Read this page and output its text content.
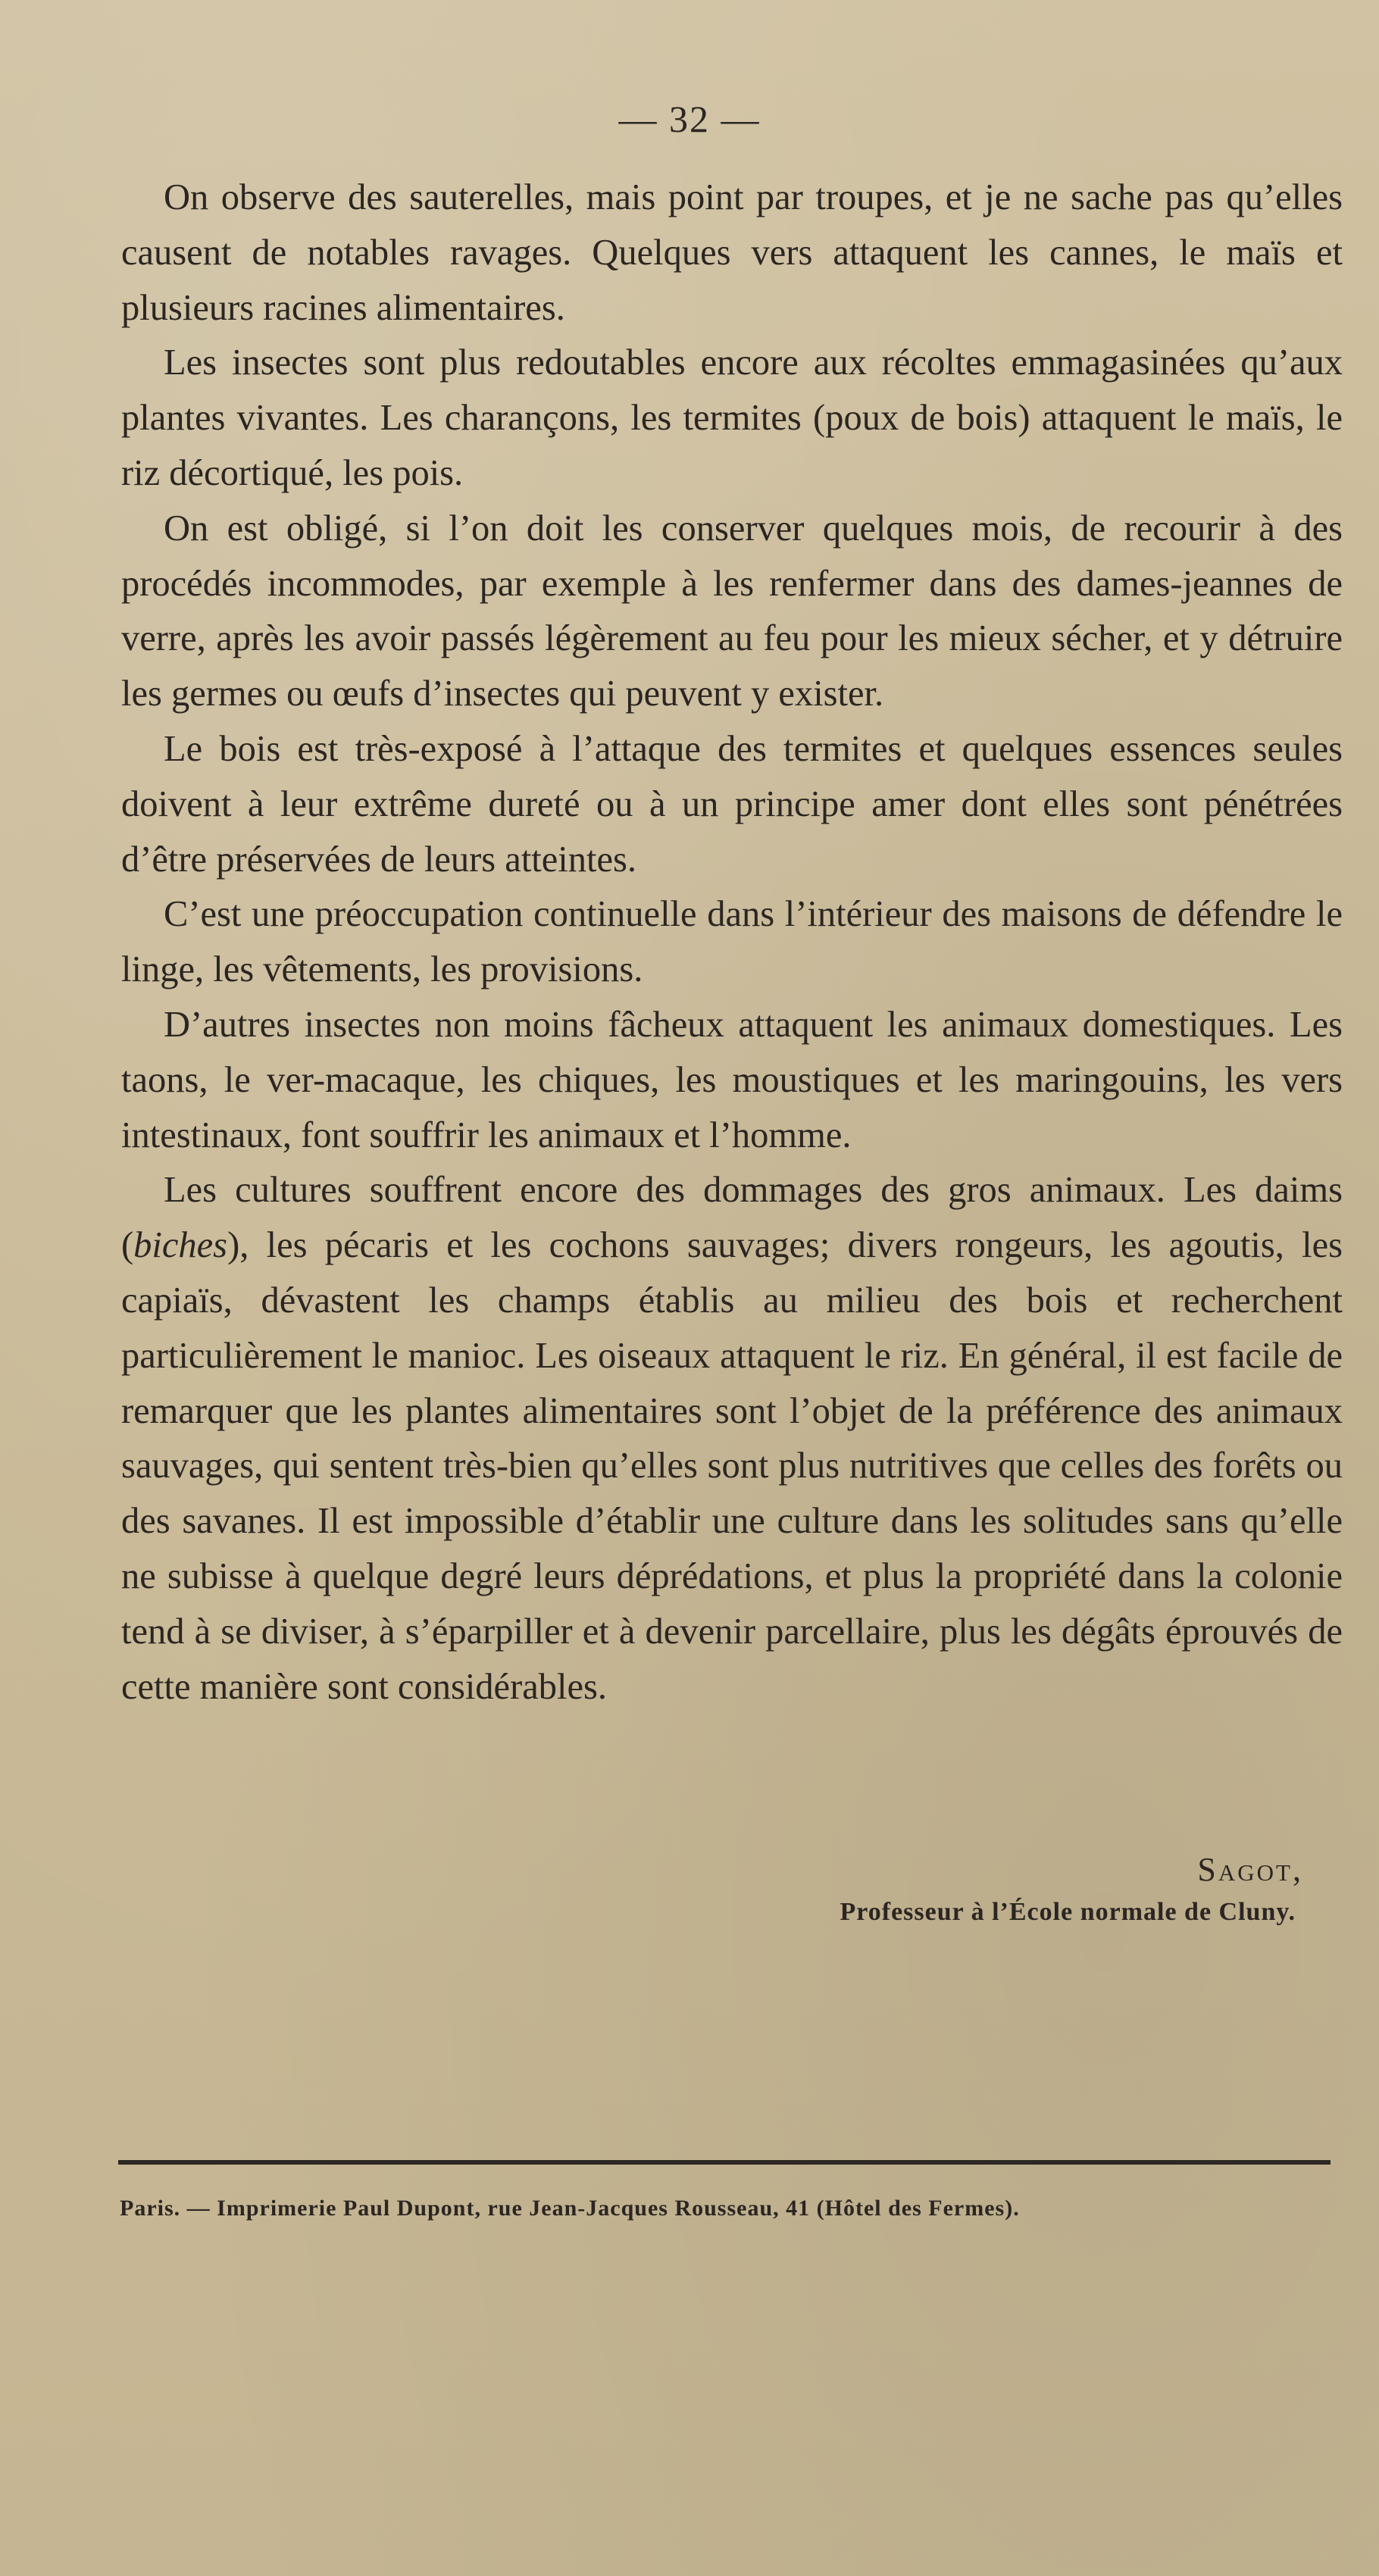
— 32 —

On observe des sauterelles, mais point par troupes, et je ne sache pas qu’elles causent de notables ravages. Quelques vers attaquent les cannes, le maïs et plusieurs racines alimentaires.

Les insectes sont plus redoutables encore aux récoltes emmagasinées qu’aux plantes vivantes. Les charançons, les termites (poux de bois) attaquent le maïs, le riz décortiqué, les pois.

On est obligé, si l’on doit les conserver quelques mois, de recourir à des procédés incommodes, par exemple à les renfermer dans des dames-jeannes de verre, après les avoir passés légèrement au feu pour les mieux sécher, et y détruire les germes ou œufs d’insectes qui peuvent y exister.

Le bois est très-exposé à l’attaque des termites et quelques essences seules doivent à leur extrême dureté ou à un principe amer dont elles sont pénétrées d’être préservées de leurs atteintes.

C’est une préoccupation continuelle dans l’intérieur des maisons de défendre le linge, les vêtements, les provisions.

D’autres insectes non moins fâcheux attaquent les animaux domestiques. Les taons, le ver-macaque, les chiques, les moustiques et les maringouins, les vers intestinaux, font souffrir les animaux et l’homme.

Les cultures souffrent encore des dommages des gros animaux. Les daims (biches), les pécaris et les cochons sauvages; divers rongeurs, les agoutis, les capiaïs, dévastent les champs établis au milieu des bois et recherchent particulièrement le manioc. Les oiseaux attaquent le riz. En général, il est facile de remarquer que les plantes alimentaires sont l’objet de la préférence des animaux sauvages, qui sentent très-bien qu’elles sont plus nutritives que celles des forêts ou des savanes. Il est impossible d’établir une culture dans les solitudes sans qu’elle ne subisse à quelque degré leurs déprédations, et plus la propriété dans la colonie tend à se diviser, à s’éparpiller et à devenir parcellaire, plus les dégâts éprouvés de cette manière sont considérables.

Sagot,
Professeur à l’École normale de Cluny.
Paris. — Imprimerie Paul Dupont, rue Jean-Jacques Rousseau, 41 (Hôtel des Fermes).
